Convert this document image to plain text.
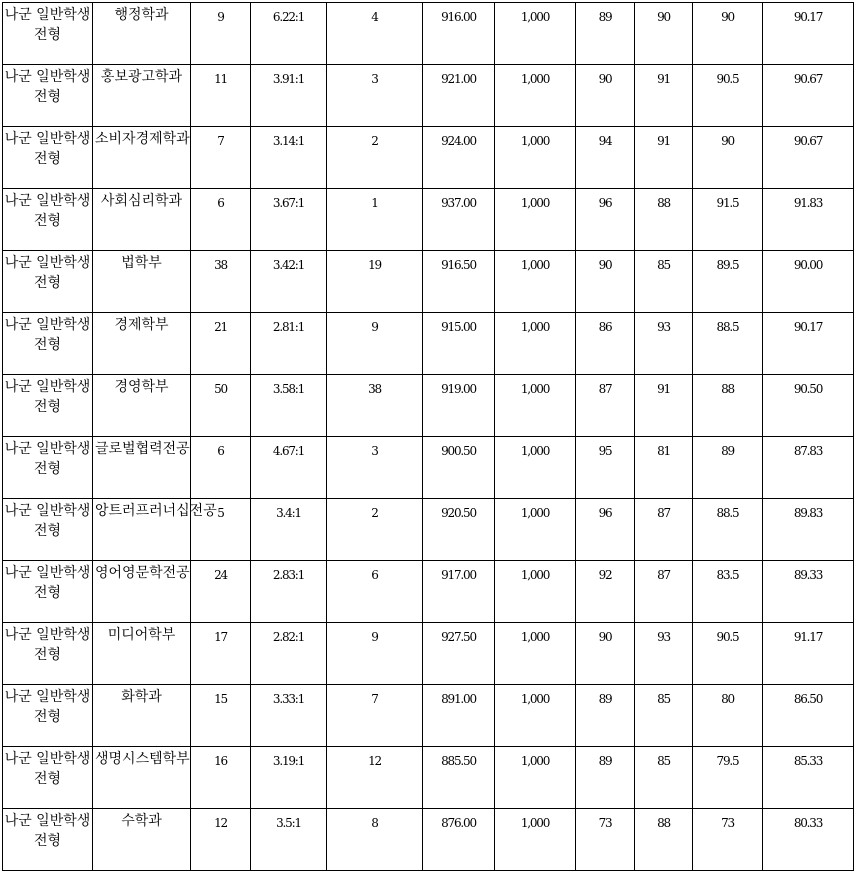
나군 일반학생전형	행정학과	9	6.22:1	4	916.00	1,000	89	90	90	90.17

나군 일반학생전형	홍보광고학과	11	3.91:1	3	921.00	1,000	90	91	90.5	90.67

나군 일반학생전형	소비자경제학과	7	3.14:1	2	924.00	1,000	94	91	90	90.67

나군 일반학생전형	사회심리학과	6	3.67:1	1	937.00	1,000	96	88	91.5	91.83

나군 일반학생전형	법학부	38	3.42:1	19	916.50	1,000	90	85	89.5	90.00

나군 일반학생전형	경제학부	21	2.81:1	9	915.00	1,000	86	93	88.5	90.17

나군 일반학생전형	경영학부	50	3.58:1	38	919.00	1,000	87	91	88	90.50

나군 일반학생전형	글로벌협력전공	6	4.67:1	3	900.50	1,000	95	81	89	87.83

나군 일반학생전형	앙트러프러너십전공	5	3.4:1	2	920.50	1,000	96	87	88.5	89.83

나군 일반학생전형	영어영문학전공	24	2.83:1	6	917.00	1,000	92	87	83.5	89.33

나군 일반학생전형	미디어학부	17	2.82:1	9	927.50	1,000	90	93	90.5	91.17

나군 일반학생전형	화학과	15	3.33:1	7	891.00	1,000	89	85	80	86.50

나군 일반학생전형	생명시스템학부	16	3.19:1	12	885.50	1,000	89	85	79.5	85.33

나군 일반학생전형	수학과	12	3.5:1	8	876.00	1,000	73	88	73	80.33
